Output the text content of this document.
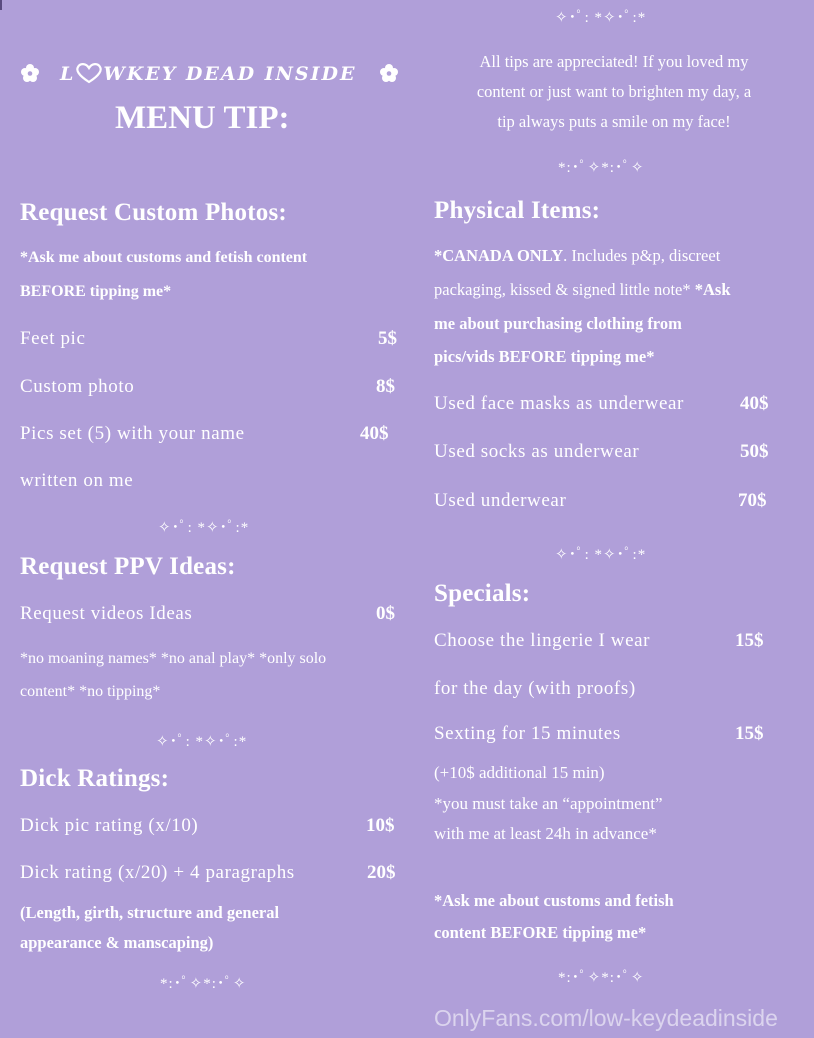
L WKEY DEAD INSIDE
MENU TIP:
✧･ﾟ: *✧･ﾟ:*
All tips are appreciated! If you loved my
content or just want to brighten my day, a
tip always puts a smile on my face!
*:･ﾟ✧*:･ﾟ✧
Request Custom Photos:
*Ask me about customs and fetish content
BEFORE tipping me*
Feet pic	5$
Custom photo	8$
Pics set (5) with your name	40$
written on me
✧･ﾟ: *✧･ﾟ:*
Request PPV Ideas:
Request videos Ideas	0$
*no moaning names* *no anal play* *only solo
content* *no tipping*
✧･ﾟ: *✧･ﾟ:*
Dick Ratings:
Dick pic rating (x/10)	10$
Dick rating (x/20) + 4 paragraphs	20$
(Length, girth, structure and general
appearance & manscaping)
*:･ﾟ✧*:･ﾟ✧
Physical Items:
*CANADA ONLY. Includes p&p, discreet
packaging, kissed & signed little note* *Ask
me about purchasing clothing from
pics/vids BEFORE tipping me*
Used face masks as underwear	40$
Used socks as underwear	50$
Used underwear	70$
✧･ﾟ: *✧･ﾟ:*
Specials:
Choose the lingerie I wear	15$
for the day (with proofs)
Sexting for 15 minutes	15$
(+10$ additional 15 min)
*you must take an “appointment”
with me at least 24h in advance*
*Ask me about customs and fetish
content BEFORE tipping me*
*:･ﾟ✧*:･ﾟ✧
OnlyFans.com/low-keydeadinside
